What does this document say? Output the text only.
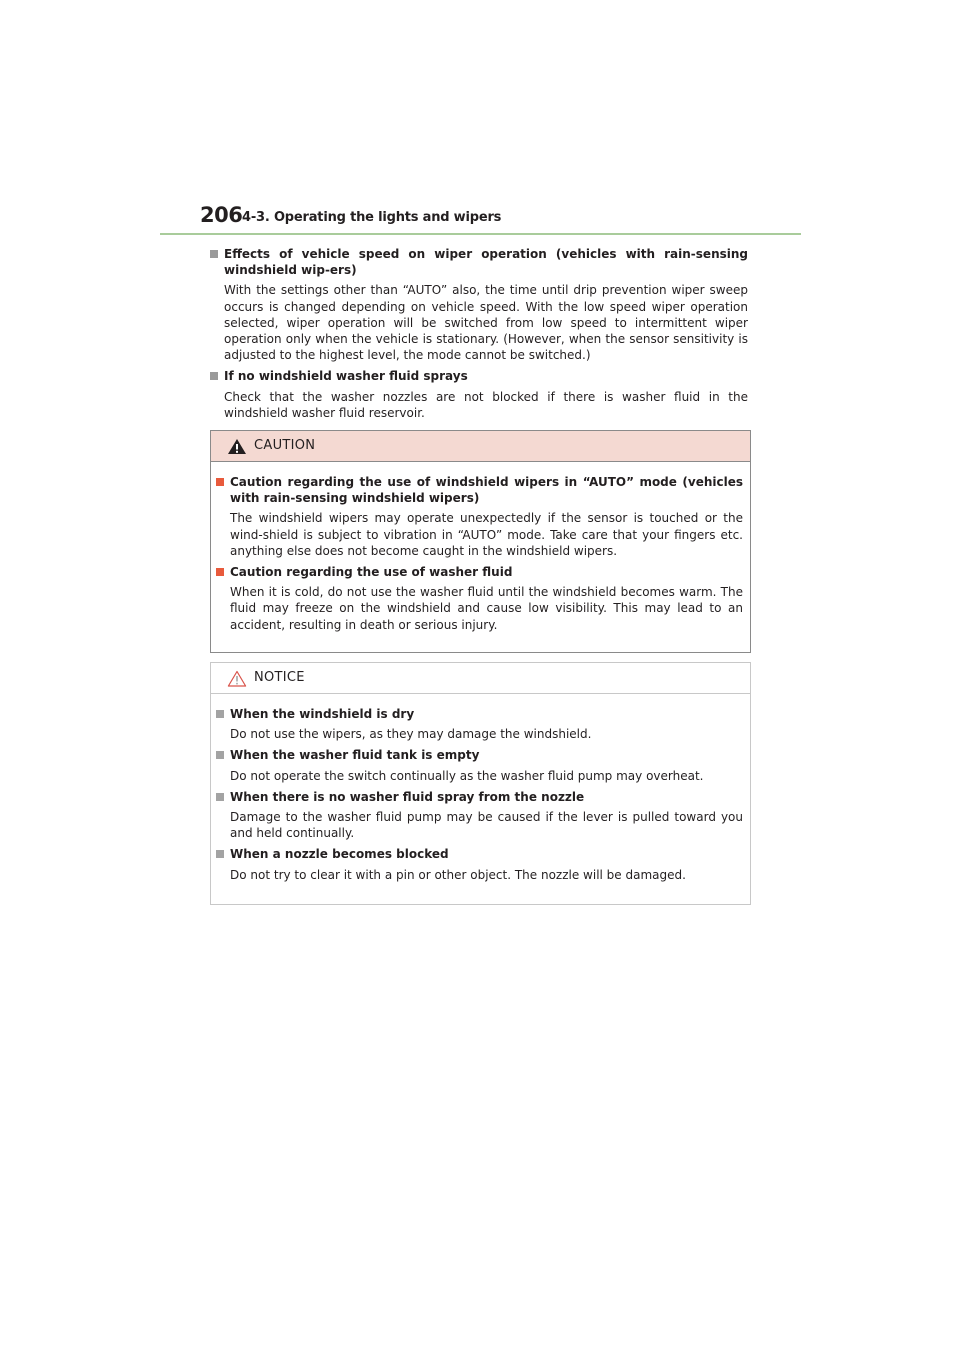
206 4-3. Operating the lights and wipers
Effects of vehicle speed on wiper operation (vehicles with rain-sensing windshield wip-ers)
With the settings other than “AUTO” also, the time until drip prevention wiper sweep occurs is changed depending on vehicle speed. With the low speed wiper operation selected, wiper operation will be switched from low speed to intermittent wiper operation only when the vehicle is stationary. (However, when the sensor sensitivity is adjusted to the highest level, the mode cannot be switched.)
If no windshield washer fluid sprays
Check that the washer nozzles are not blocked if there is washer fluid in the windshield washer fluid reservoir.
CAUTION
Caution regarding the use of windshield wipers in “AUTO” mode (vehicles with rain-sensing windshield wipers)
The windshield wipers may operate unexpectedly if the sensor is touched or the wind-shield is subject to vibration in “AUTO” mode. Take care that your fingers etc. anything else does not become caught in the windshield wipers.
Caution regarding the use of washer fluid
When it is cold, do not use the washer fluid until the windshield becomes warm. The fluid may freeze on the windshield and cause low visibility. This may lead to an accident, resulting in death or serious injury.
NOTICE
When the windshield is dry
Do not use the wipers, as they may damage the windshield.
When the washer fluid tank is empty
Do not operate the switch continually as the washer fluid pump may overheat.
When there is no washer fluid spray from the nozzle
Damage to the washer fluid pump may be caused if the lever is pulled toward you and held continually.
When a nozzle becomes blocked
Do not try to clear it with a pin or other object. The nozzle will be damaged.
